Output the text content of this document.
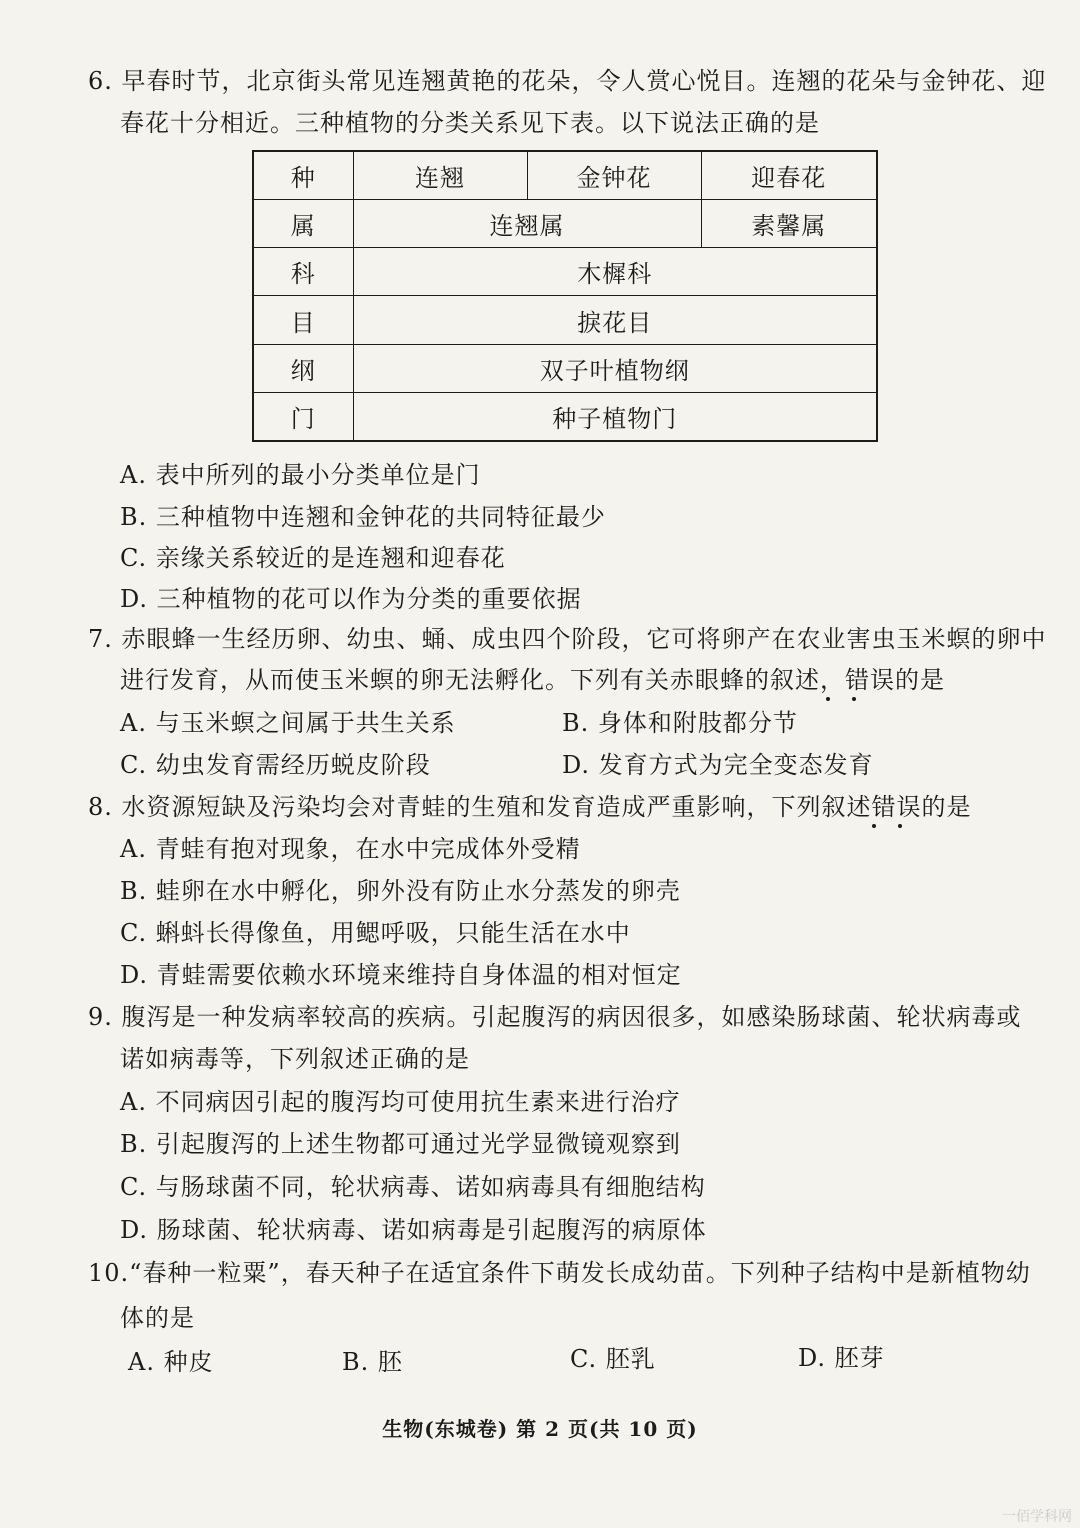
6. 早春时节，北京街头常见连翘黄艳的花朵，令人赏心悦目。连翘的花朵与金钟花、迎
春花十分相近。三种植物的分类关系见下表。以下说法正确的是
种	连翘	金钟花	迎春花
属	连翘属		素馨属
科	木樨科		
目	捩花目		
纲	双子叶植物纲		
门	种子植物门		
A. 表中所列的最小分类单位是门
B. 三种植物中连翘和金钟花的共同特征最少
C. 亲缘关系较近的是连翘和迎春花
D. 三种植物的花可以作为分类的重要依据
7. 赤眼蜂一生经历卵、幼虫、蛹、成虫四个阶段，它可将卵产在农业害虫玉米螟的卵中
进行发育，从而使玉米螟的卵无法孵化。下列有关赤眼蜂的叙述，错误的是
A. 与玉米螟之间属于共生关系	B. 身体和附肢都分节
C. 幼虫发育需经历蜕皮阶段	D. 发育方式为完全变态发育
8. 水资源短缺及污染均会对青蛙的生殖和发育造成严重影响，下列叙述错误的是
A. 青蛙有抱对现象，在水中完成体外受精
B. 蛙卵在水中孵化，卵外没有防止水分蒸发的卵壳
C. 蝌蚪长得像鱼，用鳃呼吸，只能生活在水中
D. 青蛙需要依赖水环境来维持自身体温的相对恒定
9. 腹泻是一种发病率较高的疾病。引起腹泻的病因很多，如感染肠球菌、轮状病毒或
诺如病毒等，下列叙述正确的是
A. 不同病因引起的腹泻均可使用抗生素来进行治疗
B. 引起腹泻的上述生物都可通过光学显微镜观察到
C. 与肠球菌不同，轮状病毒、诺如病毒具有细胞结构
D. 肠球菌、轮状病毒、诺如病毒是引起腹泻的病原体
10.“春种一粒粟”，春天种子在适宜条件下萌发长成幼苗。下列种子结构中是新植物幼
体的是
A. 种皮	B. 胚	C. 胚乳	D. 胚芽
生物(东城卷) 第 2 页(共 10 页)
一佰学科网
